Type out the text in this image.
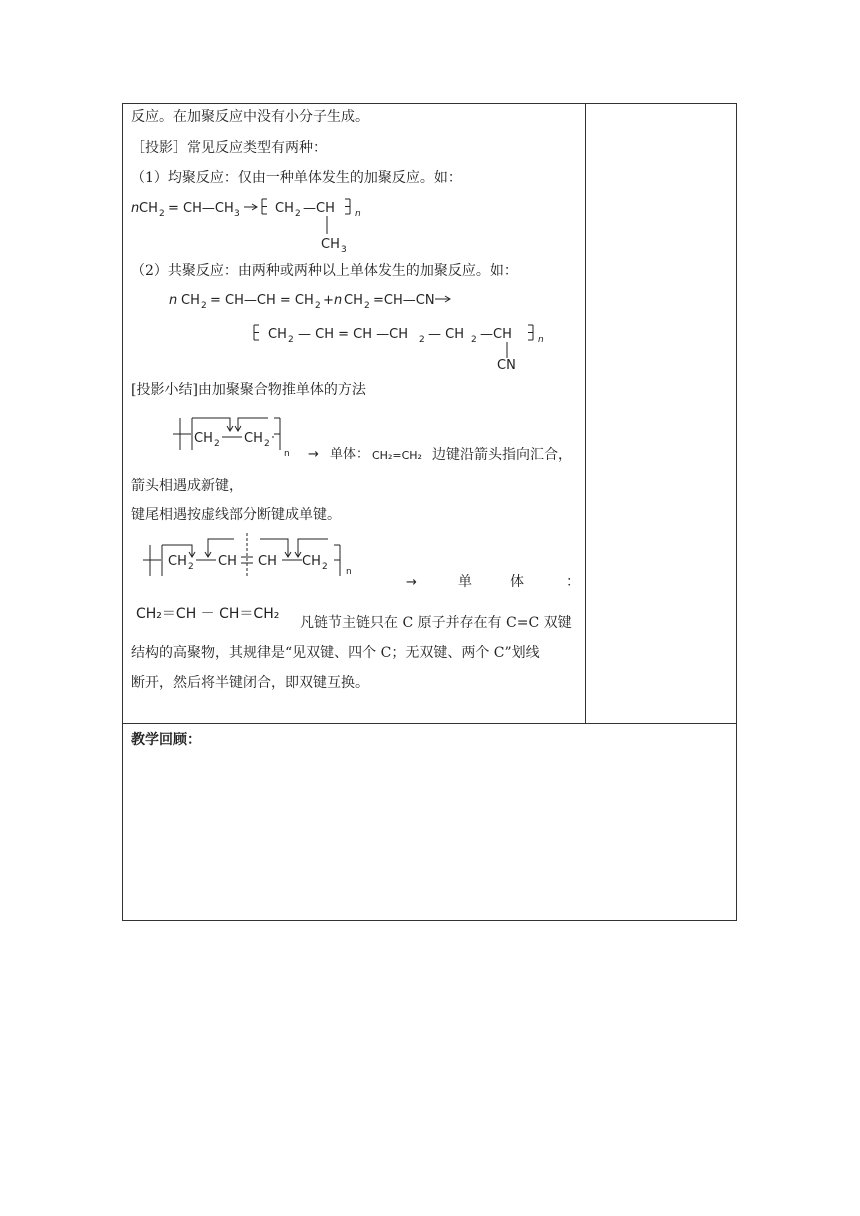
反应。在加聚反应中没有小分子生成。
［投影］常见反应类型有两种：
（1）均聚反应：仅由一种单体发生的加聚反应。如：
n CH 2 = CH—CH 3	CH 2 —CH n
CH 3
（2）共聚反应：由两种或两种以上单体发生的加聚反应。如：
n CH 2 = CH—CH = CH 2 + n CH 2 =CH—CN
CH 2 — CH = CH —CH 2 — CH 2 —CH	n
CN
[投影小结]由加聚聚合物推单体的方法
CH 2 CH 2
n → 单体： CH₂=CH₂ 边键沿箭头指向汇合，
箭头相遇成新键，
键尾相遇按虚线部分断键成单键。
CH 2 CH CH CH 2 n
→	单	体	：
CH₂＝CH － CH＝CH₂
凡链节主链只在 C 原子并存在有 C=C 双键
结构的高聚物，其规律是“见双键、四个 C；无双键、两个 C”划线
断开，然后将半键闭合，即双键互换。
教学回顾：
